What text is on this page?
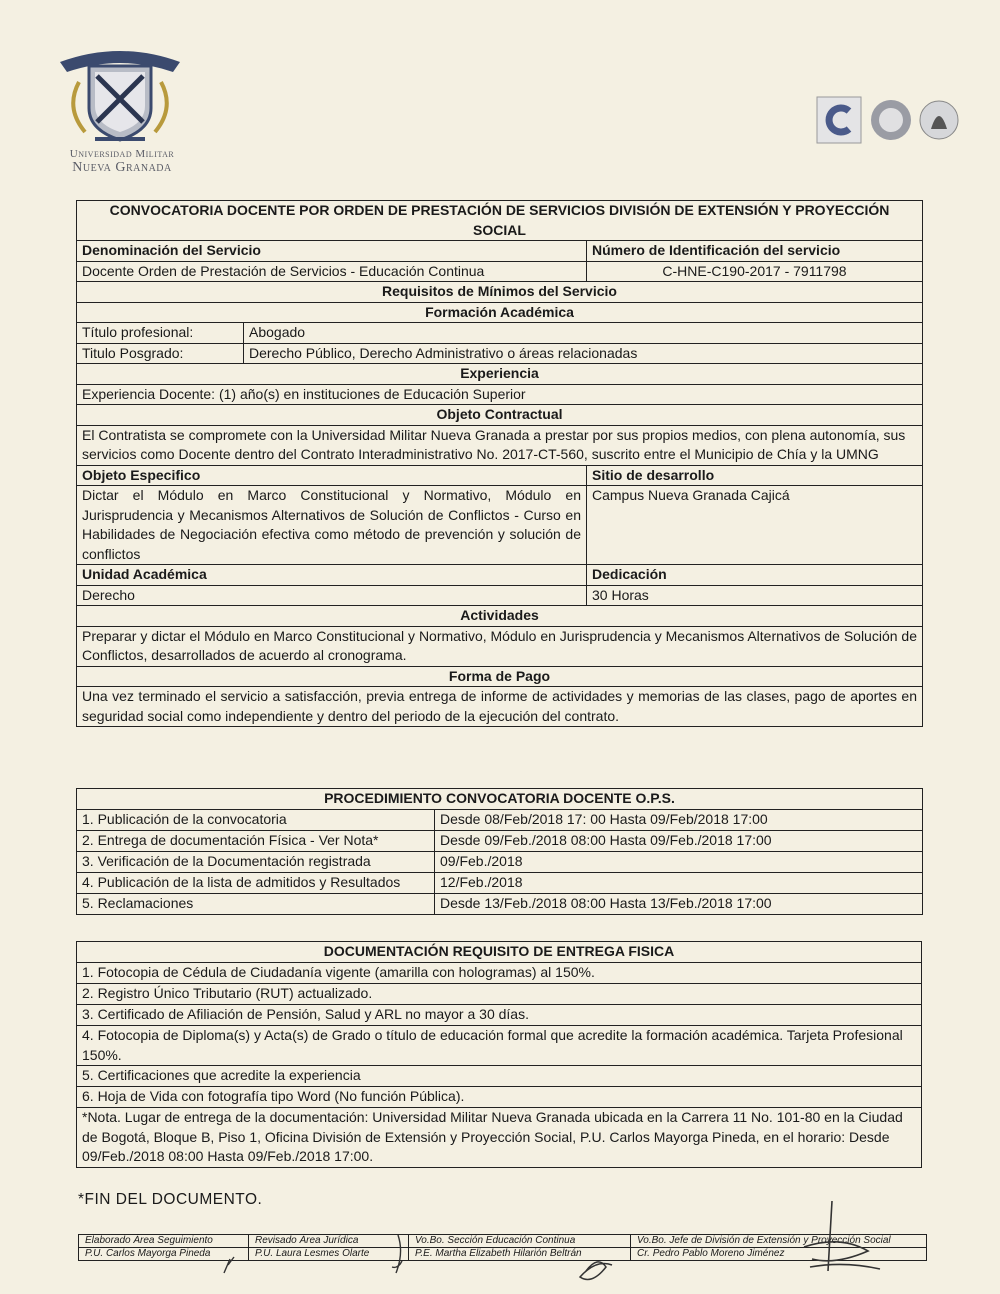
Universidad Militar
Nueva Granada
CONVOCATORIA DOCENTE POR ORDEN DE PRESTACIÓN DE SERVICIOS DIVISIÓN DE EXTENSIÓN Y PROYECCIÓN SOCIAL		
Denominación del Servicio		Número de Identificación del servicio
Docente Orden de Prestación de Servicios - Educación Continua		C-HNE-C190-2017 - 7911798
Requisitos de Mínimos del Servicio		
Formación Académica		
Título profesional:	Abogado	
Titulo Posgrado:	Derecho Público, Derecho Administrativo o áreas relacionadas	
Experiencia		
Experiencia Docente: (1) año(s) en instituciones de Educación Superior		
Objeto Contractual		
El Contratista se compromete con la Universidad Militar Nueva Granada a prestar por sus propios medios, con plena autonomía, sus servicios como Docente dentro del Contrato Interadministrativo No. 2017-CT-560, suscrito entre el Municipio de Chía y la UMNG		
Objeto Especifico		Sitio de desarrollo
Dictar el Módulo en Marco Constitucional y Normativo, Módulo en Jurisprudencia y Mecanismos Alternativos de Solución de Conflictos - Curso en Habilidades de Negociación efectiva como método de prevención y solución de conflictos		Campus Nueva Granada Cajicá
Unidad Académica		Dedicación
Derecho		30 Horas
Actividades		
Preparar y dictar el Módulo en Marco Constitucional y Normativo, Módulo en Jurisprudencia y Mecanismos Alternativos de Solución de Conflictos, desarrollados de acuerdo al cronograma.		
Forma de Pago		
Una vez terminado el servicio a satisfacción, previa entrega de informe de actividades y memorias de las clases, pago de aportes en seguridad social como independiente y dentro del periodo de la ejecución del contrato.		
PROCEDIMIENTO CONVOCATORIA DOCENTE O.P.S.	
1. Publicación de la convocatoria	Desde 08/Feb/2018 17: 00 Hasta 09/Feb/2018 17:00
2. Entrega de documentación Física - Ver Nota*	Desde 09/Feb./2018 08:00 Hasta 09/Feb./2018 17:00
3. Verificación de la Documentación registrada	09/Feb./2018
4. Publicación de la lista de admitidos y Resultados	12/Feb./2018
5. Reclamaciones	Desde 13/Feb./2018 08:00 Hasta 13/Feb./2018 17:00
DOCUMENTACIÓN REQUISITO DE ENTREGA FISICA
1. Fotocopia de Cédula de Ciudadanía vigente (amarilla con hologramas) al 150%.
2. Registro Único Tributario (RUT) actualizado.
3. Certificado de Afiliación de Pensión, Salud y ARL no mayor a 30 días.
4. Fotocopia de Diploma(s) y Acta(s) de Grado o título de educación formal que acredite la formación académica. Tarjeta Profesional 150%.
5. Certificaciones que acredite la experiencia
6. Hoja de Vida con fotografía tipo Word (No función Pública).
*Nota. Lugar de entrega de la documentación: Universidad Militar Nueva Granada ubicada en la Carrera 11 No. 101-80 en la Ciudad de Bogotá, Bloque B, Piso 1, Oficina División de Extensión y Proyección Social, P.U. Carlos Mayorga Pineda, en el horario: Desde 09/Feb./2018 08:00 Hasta 09/Feb./2018 17:00.
*FIN DEL DOCUMENTO.
Elaborado Área Seguimiento	Revisado Área Jurídica	Vo.Bo. Sección Educación Continua	Vo.Bo. Jefe de División de Extensión y Proyección Social
P.U. Carlos Mayorga Pineda	P.U. Laura Lesmes Olarte	P.E. Martha Elizabeth Hilarión Beltrán	Cr. Pedro Pablo Moreno Jiménez
